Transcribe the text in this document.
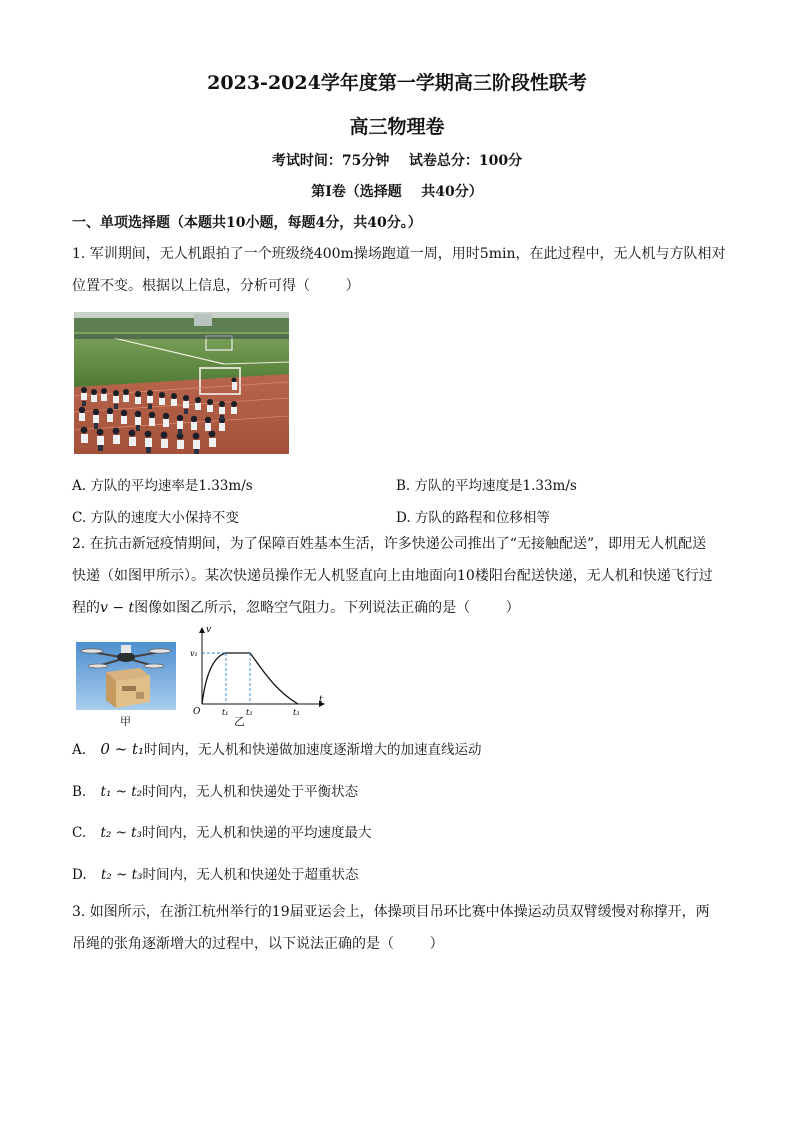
2023-2024学年度第一学期高三阶段性联考
高三物理卷
考试时间：75分钟    试卷总分：100分
第Ⅰ卷（选择题    共40分）
一、单项选择题（本题共10小题，每题4分，共40分。）
1. 军训期间，无人机跟拍了一个班级绕400m操场跑道一周，用时5min，在此过程中，无人机与方队相对
位置不变。根据以上信息，分析可得（        ）
A. 方队的平均速率是1.33m/s	B. 方队的平均速度是1.33m/s
C. 方队的速度大小保持不变	D. 方队的路程和位移相等
2. 在抗击新冠疫情期间，为了保障百姓基本生活，许多快递公司推出了“无接触配送”，即用无人机配送
快递（如图甲所示）。某次快递员操作无人机竖直向上由地面向10楼阳台配送快递，无人机和快递飞行过
程的v − t图像如图乙所示，忽略空气阻力。下列说法正确的是（        ）
甲
v
t
O
v₁
t₁ t₂	t₃
乙
A. 0 ~ t₁时间内，无人机和快递做加速度逐渐增大的加速直线运动
B. t₁ ~ t₂时间内，无人机和快递处于平衡状态
C. t₂ ~ t₃时间内，无人机和快递的平均速度最大
D. t₂ ~ t₃时间内，无人机和快递处于超重状态
3. 如图所示，在浙江杭州举行的19届亚运会上，体操项目吊环比赛中体操运动员双臂缓慢对称撑开，两
吊绳的张角逐渐增大的过程中，以下说法正确的是（        ）
